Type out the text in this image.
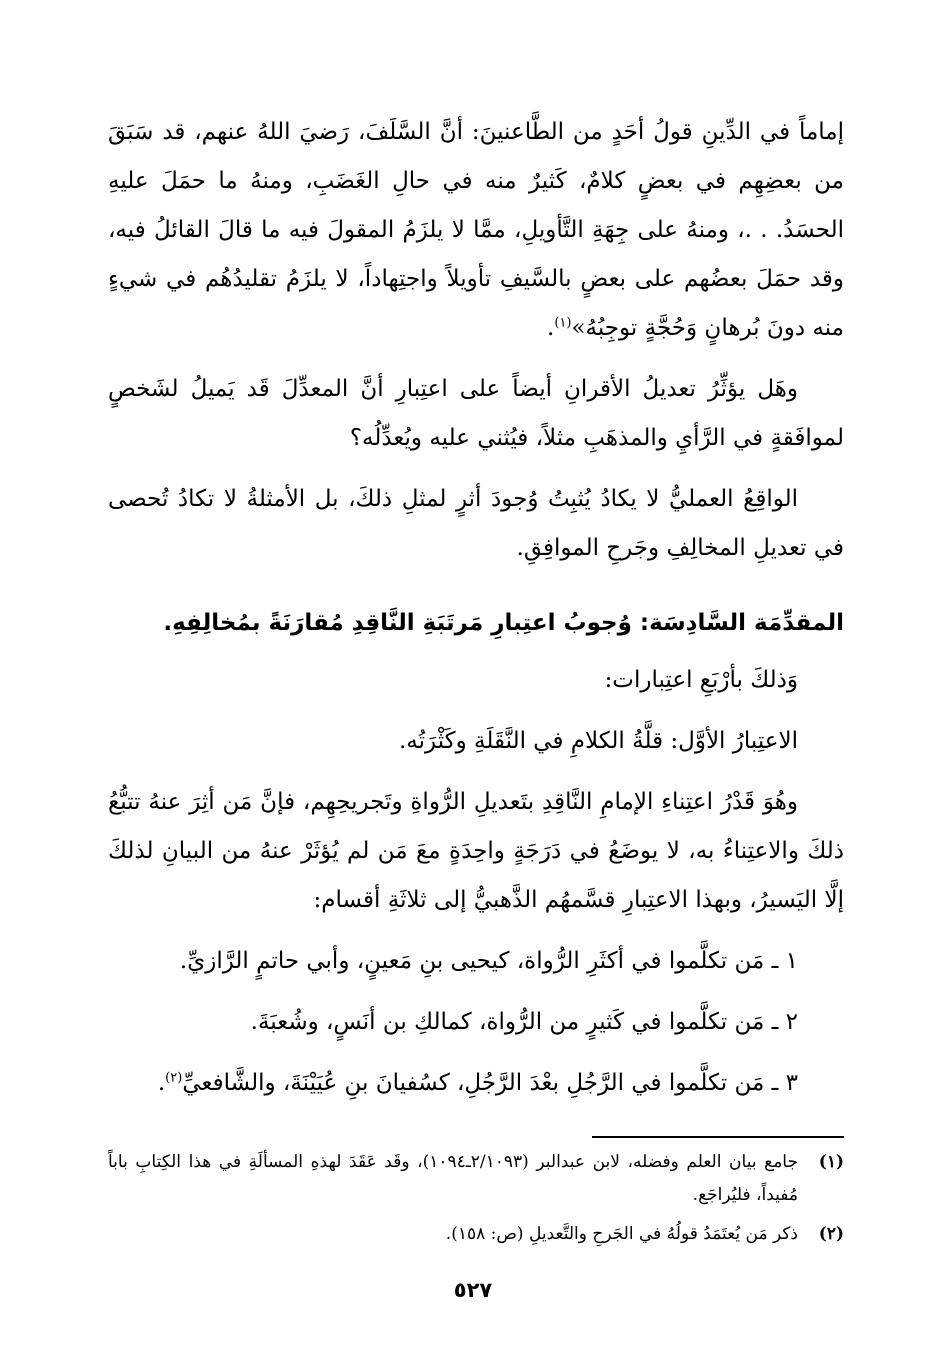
إماماً في الدِّينِ قولُ أحَدٍ من الطَّاعنينَ: أنَّ السَّلَفَ، رَضيَ اللهُ عنهم، قد سَبَقَ من بعضِهِم في بعضٍ كلامٌ، كَثيرٌ منه في حالِ الغَضَبِ، ومنهُ ما حمَلَ عليهِ الحسَدُ. . .، ومنهُ على جِهَةِ التَّأويلِ، ممَّا لا يلزَمُ المقولَ فيه ما قالَ القائلُ فيه، وقد حمَلَ بعضُهم على بعضٍ بالسَّيفِ تأويلاً واجتِهاداً، لا يلزَمُ تقليدُهُم في شيءٍ منه دونَ بُرهانٍ وَحُجَّةٍ توجِبُهُ»$^{(١)}$.

وهَل يؤثِّرُ تعديلُ الأقرانِ أيضاً على اعتِبارِ أنَّ المعدِّلَ قَد يَميلُ لشَخصٍ لموافَقةٍ في الرَّأيِ والمذهَبِ مثلاً، فيُثني عليه ويُعدِّلُه؟

الواقِعُ العمليُّ لا يكادُ يُثبِتُ وُجودَ أثرٍ لمثلِ ذلكَ، بل الأمثلةُ لا تكادُ تُحصى في تعديلِ المخالِفِ وجَرحِ الموافِقِ.

المقدِّمَة السَّادِسَة: وُجوبُ اعتِبارِ مَرتَبَةِ النَّاقِدِ مُقارَنَةً بمُخالِفِهِ.

وَذلكَ بأرْبَعِ اعتِبارات:

الاعتِبارُ الأوَّل: قلَّةُ الكلامِ في النَّقَلَةِ وكَثْرَتُه.

وهُوَ قَدْرُ اعتِناءِ الإمامِ النَّاقِدِ بتَعديلِ الرُّواةِ وتَجريحِهِم، فإنَّ مَن أثِرَ عنهُ تتبُّعُ ذلكَ والاعتِناءُ به، لا يوضَعُ في دَرَجَةٍ واحِدَةٍ معَ مَن لم يُؤثَرْ عنهُ من البيانِ لذلكَ إلَّا اليَسيرُ، وبهذا الاعتِبارِ قسَّمهُم الذَّهبيُّ إلى ثلاثَةِ أقسام:

١ ـ مَن تكلَّموا في أكثَرِ الرُّواة، كيحيى بنِ مَعينٍ، وأبي حاتمٍ الرَّازيِّ.

٢ ـ مَن تكلَّموا في كَثيرٍ من الرُّواة، كمالكِ بن أنَسٍ، وشُعبَةَ.

٣ ـ مَن تكلَّموا في الرَّجُلِ بعْدَ الرَّجُلِ، كسُفيانَ بنِ عُيَيْنَةَ، والشَّافعيِّ$^{(٢)}$.

(١)
جامع بيان العلم وفضله، لابن عبدالبر (٢/١٠٩٣ـ١٠٩٤)، وقَد عَقَدَ لهذهِ المسألَةِ في هذا الكِتابِ باباً مُفيداً، فليُراجَع.

(٢)
ذكر مَن يُعتَمَدُ قولُهُ في الجَرحِ والتَّعديلِ (ص: ١٥٨).

٥٢٧
